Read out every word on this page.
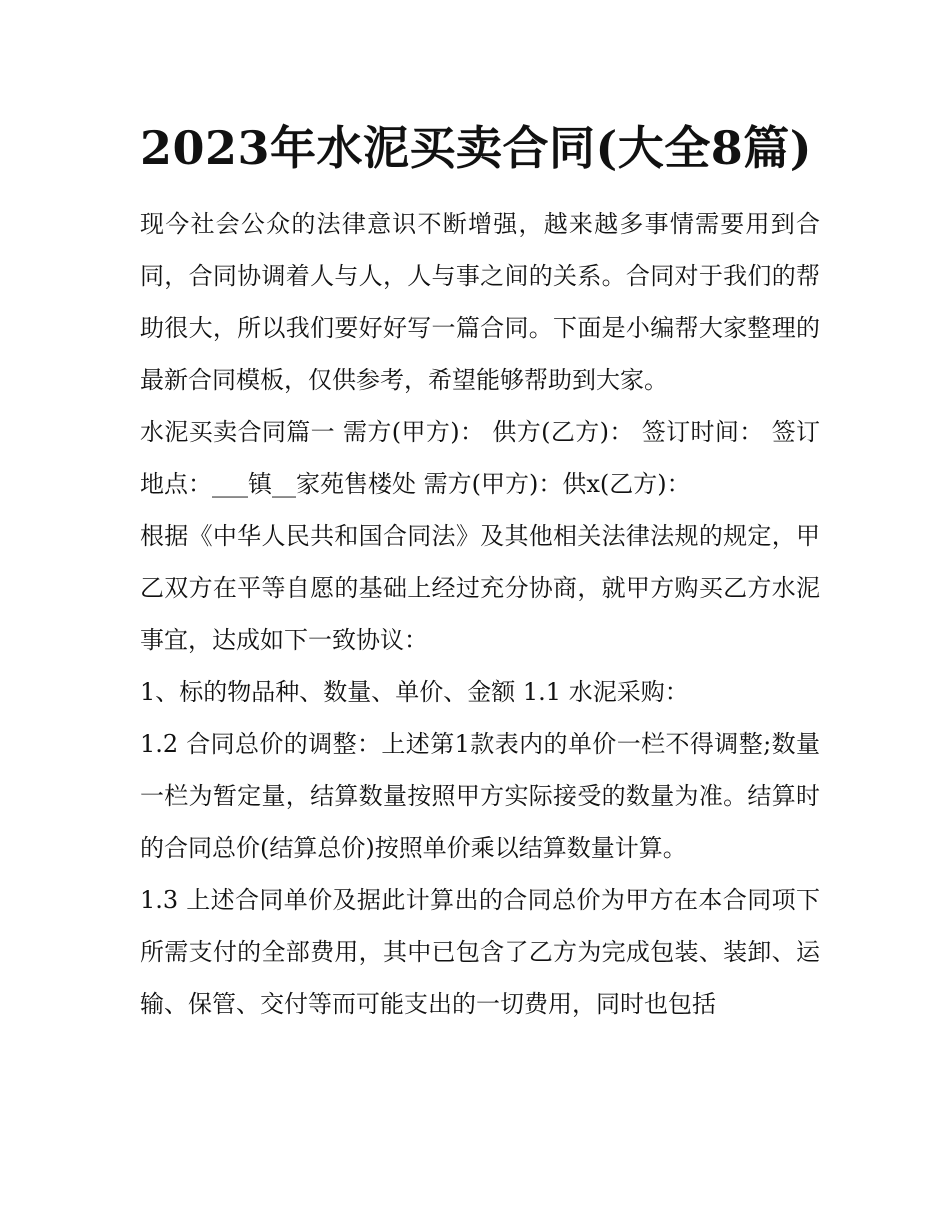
2023年水泥买卖合同(大全8篇)

现今社会公众的法律意识不断增强，越来越多事情需要用到合同，合同协调着人与人，人与事之间的关系。合同对于我们的帮助很大，所以我们要好好写一篇合同。下面是小编帮大家整理的最新合同模板，仅供参考，希望能够帮助到大家。

水泥买卖合同篇一 需方(甲方)： 供方(乙方)： 签订时间： 签订地点：___镇__家苑售楼处 需方(甲方)：供x(乙方)：

根据《中华人民共和国合同法》及其他相关法律法规的规定，甲乙双方在平等自愿的基础上经过充分协商，就甲方购买乙方水泥事宜，达成如下一致协议：

1、标的物品种、数量、单价、金额 1.1 水泥采购：

1.2 合同总价的调整：上述第1款表内的单价一栏不得调整;数量一栏为暂定量，结算数量按照甲方实际接受的数量为准。结算时的合同总价(结算总价)按照单价乘以结算数量计算。

1.3 上述合同单价及据此计算出的合同总价为甲方在本合同项下所需支付的全部费用，其中已包含了乙方为完成包装、装卸、运输、保管、交付等而可能支出的一切费用，同时也包括
